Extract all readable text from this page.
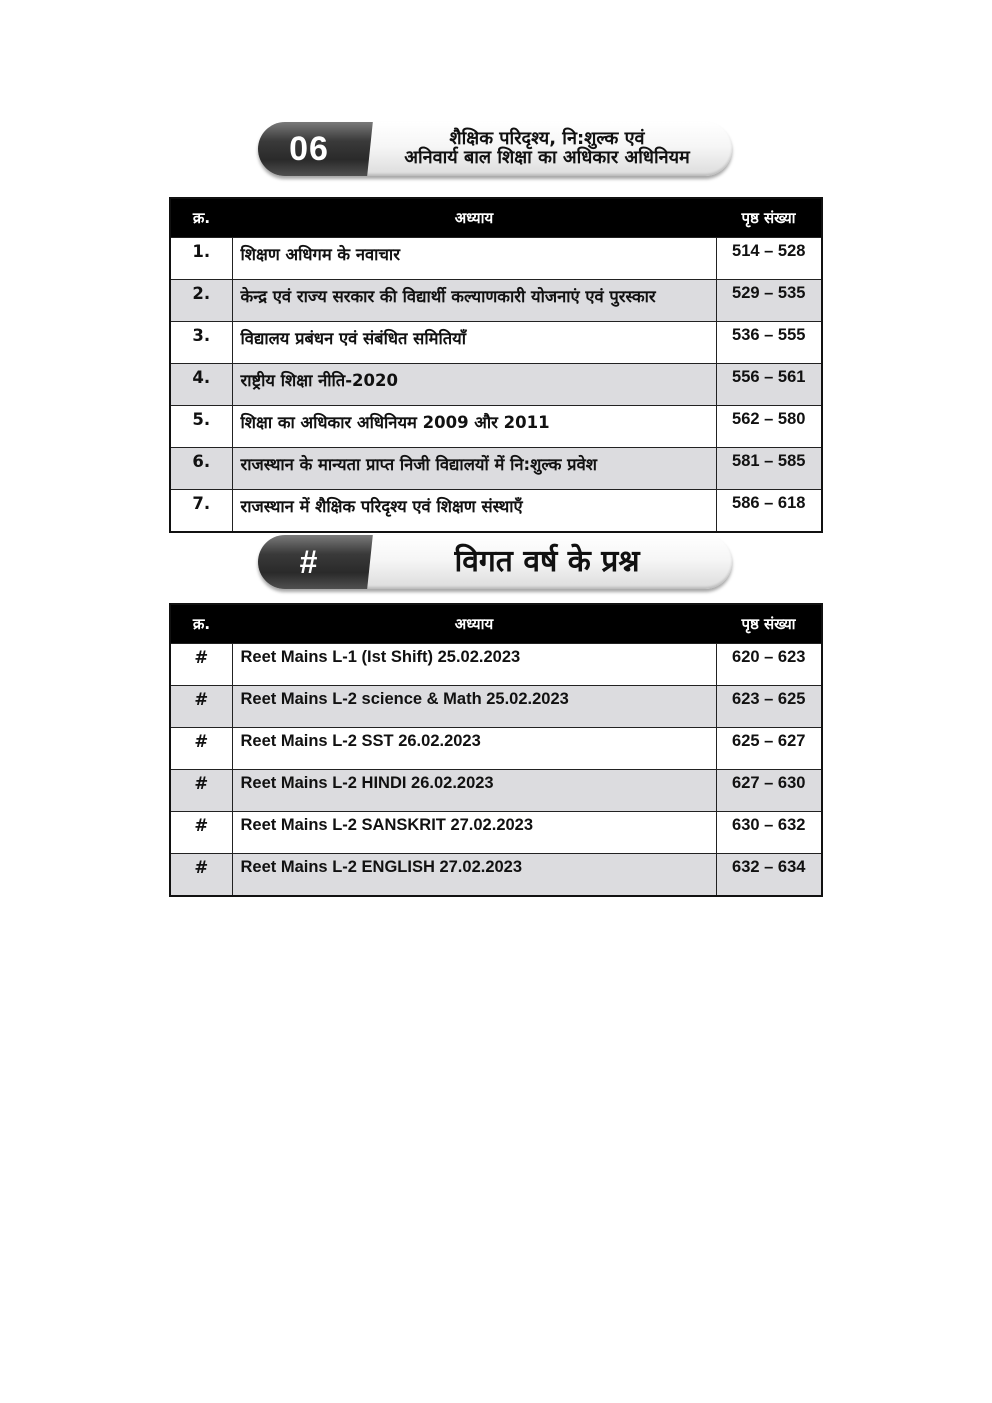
06	शैक्षिक परिदृश्य, नि:शुल्क एवं
अनिवार्य बाल शिक्षा का अधिकार अधिनियम
क्र.	अध्याय	पृष्ठ संख्या
1.	शिक्षण अधिगम के नवाचार	514 – 528
2.	केन्द्र एवं राज्य सरकार की विद्यार्थी कल्याणकारी योजनाएं एवं पुरस्कार	529 – 535
3.	विद्यालय प्रबंधन एवं संबंधित समितियाँ	536 – 555
4.	राष्ट्रीय शिक्षा नीति-2020	556 – 561
5.	शिक्षा का अधिकार अधिनियम 2009 और 2011	562 – 580
6.	राजस्थान के मान्यता प्राप्त निजी विद्यालयों में नि:शुल्क प्रवेश	581 – 585
7.	राजस्थान में शैक्षिक परिदृश्य एवं शिक्षण संस्थाएँ	586 – 618
#	विगत वर्ष के प्रश्न
क्र.	अध्याय	पृष्ठ संख्या
#	Reet Mains L-1 (Ist Shift) 25.02.2023	620 – 623
#	Reet Mains L-2 science & Math 25.02.2023	623 – 625
#	Reet Mains L-2 SST 26.02.2023	625 – 627
#	Reet Mains L-2 HINDI 26.02.2023	627 – 630
#	Reet Mains L-2 SANSKRIT 27.02.2023	630 – 632
#	Reet Mains L-2 ENGLISH 27.02.2023	632 – 634
